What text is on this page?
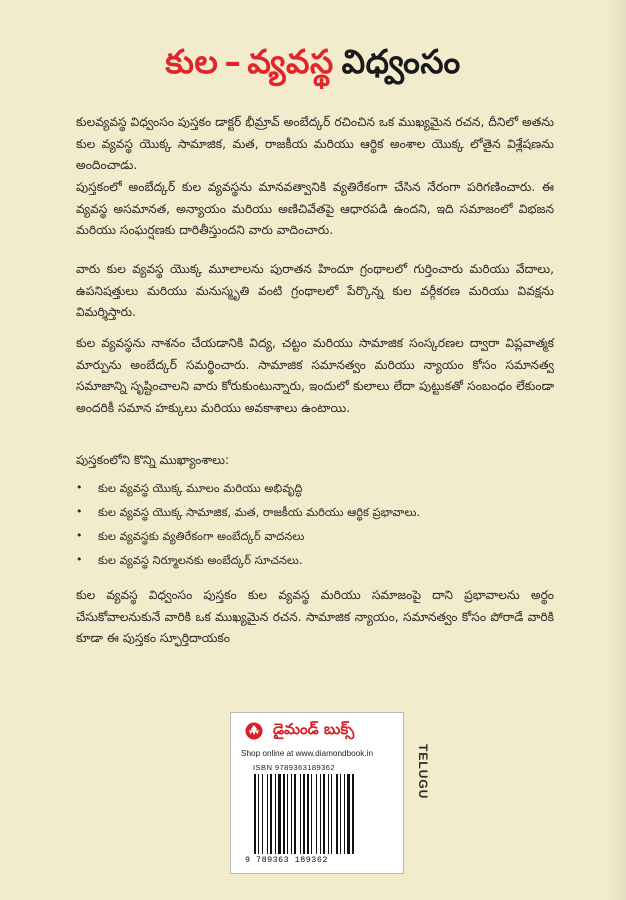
కుల – వ్యవస్థ విధ్వంసం

కులవ్యవస్థ విధ్వంసం పుస్తకం డాక్టర్ భీమ్రావ్ అంబేద్కర్ రచించిన ఒక ముఖ్యమైన రచన, దీనిలో అతను కుల వ్యవస్థ యొక్క సామాజిక, మత, రాజకీయ మరియు ఆర్థిక అంశాల యొక్క లోతైన విశ్లేషణను అందించాడు.

పుస్తకంలో అంబేద్కర్ కుల వ్యవస్థను మానవత్వానికి వ్యతిరేకంగా చేసిన నేరంగా పరిగణించారు. ఈ వ్యవస్థ అసమానత, అన్యాయం మరియు అణిచివేతపై ఆధారపడి ఉందని, ఇది సమాజంలో విభజన మరియు సంఘర్షణకు దారితీస్తుందని వారు వాదించారు.

వారు కుల వ్యవస్థ యొక్క మూలాలను పురాతన హిందూ గ్రంథాలలో గుర్తించారు మరియు వేదాలు, ఉపనిషత్తులు మరియు మనుస్మృతి వంటి గ్రంథాలలో పేర్కొన్న కుల వర్గీకరణ మరియు వివక్షను విమర్శిస్తారు.

కుల వ్యవస్థను నాశనం చేయడానికి విద్య, చట్టం మరియు సామాజిక సంస్కరణల ద్వారా విప్లవాత్మక మార్పును అంబేద్కర్ సమర్థించారు. సామాజిక సమానత్వం మరియు న్యాయం కోసం సమానత్వ సమాజాన్ని సృష్టించాలని వారు కోరుకుంటున్నారు, ఇందులో కులాలు లేదా పుట్టుకతో సంబంధం లేకుండా అందరికీ సమాన హక్కులు మరియు అవకాశాలు ఉంటాయి.

పుస్తకంలోని కొన్ని ముఖ్యాంశాలు:
• కుల వ్యవస్థ యొక్క మూలం మరియు అభివృద్ధి
• కుల వ్యవస్థ యొక్క సామాజిక, మత, రాజకీయ మరియు ఆర్థిక ప్రభావాలు.
• కుల వ్యవస్థకు వ్యతిరేకంగా అంబేద్కర్ వాదనలు
• కుల వ్యవస్థ నిర్మూలనకు అంబేద్కర్ సూచనలు.

కుల వ్యవస్థ విధ్వంసం పుస్తకం కుల వ్యవస్థ మరియు సమాజంపై దాని ప్రభావాలను అర్థం చేసుకోవాలనుకునే వారికి ఒక ముఖ్యమైన రచన. సామాజిక న్యాయం, సమానత్వం కోసం పోరాడే వారికి కూడా ఈ పుస్తకం స్ఫూర్తిదాయకం

డైమండ్ బుక్స్
Shop online at www.diamondbook.in
ISBN 9789363189362
9 789363 189362
TELUGU
